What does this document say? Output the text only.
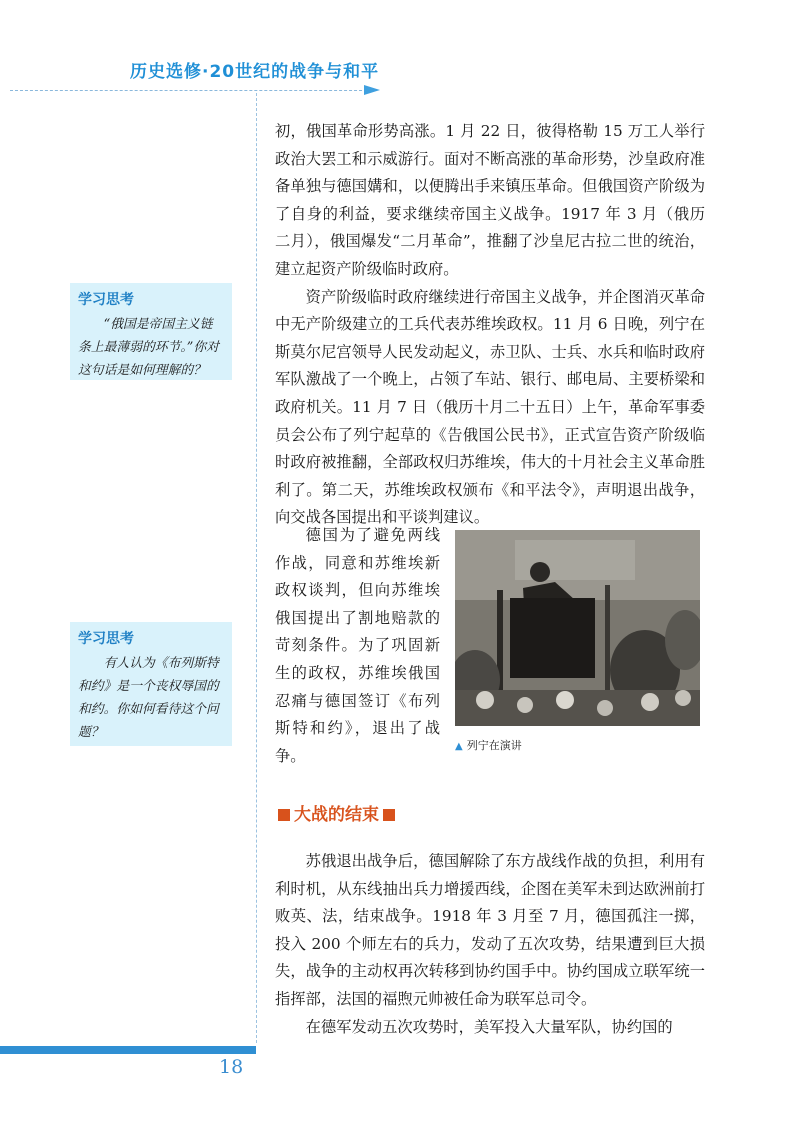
历史选修·20世纪的战争与和平

初，俄国革命形势高涨。1 月 22 日，彼得格勒 15 万工人举行政治大罢工和示威游行。面对不断高涨的革命形势，沙皇政府准备单独与德国媾和，以便腾出手来镇压革命。但俄国资产阶级为了自身的利益，要求继续帝国主义战争。1917 年 3 月（俄历二月），俄国爆发“二月革命”，推翻了沙皇尼古拉二世的统治，建立起资产阶级临时政府。

资产阶级临时政府继续进行帝国主义战争，并企图消灭革命中无产阶级建立的工兵代表苏维埃政权。11 月 6 日晚，列宁在斯莫尔尼宫领导人民发动起义，赤卫队、士兵、水兵和临时政府军队激战了一个晚上，占领了车站、银行、邮电局、主要桥梁和政府机关。11 月 7 日（俄历十月二十五日）上午，革命军事委员会公布了列宁起草的《告俄国公民书》，正式宣告资产阶级临时政府被推翻，全部政权归苏维埃，伟大的十月社会主义革命胜利了。第二天，苏维埃政权颁布《和平法令》，声明退出战争，向交战各国提出和平谈判建议。

学习思考
“俄国是帝国主义链条上最薄弱的环节。”你对这句话是如何理解的？

德国为了避免两线作战，同意和苏维埃新政权谈判，但向苏维埃俄国提出了割地赔款的苛刻条件。为了巩固新生的政权，苏维埃俄国忍痛与德国签订《布列斯特和约》，退出了战争。

▲ 列宁在演讲
学习思考
有人认为《布列斯特和约》是一个丧权辱国的和约。你如何看待这个问题？
大战的结束

苏俄退出战争后，德国解除了东方战线作战的负担，利用有利时机，从东线抽出兵力增援西线，企图在美军未到达欧洲前打败英、法，结束战争。1918 年 3 月至 7 月，德国孤注一掷，投入 200 个师左右的兵力，发动了五次攻势，结果遭到巨大损失，战争的主动权再次转移到协约国手中。协约国成立联军统一指挥部，法国的福煦元帅被任命为联军总司令。

在德军发动五次攻势时，美军投入大量军队，协约国的

18
